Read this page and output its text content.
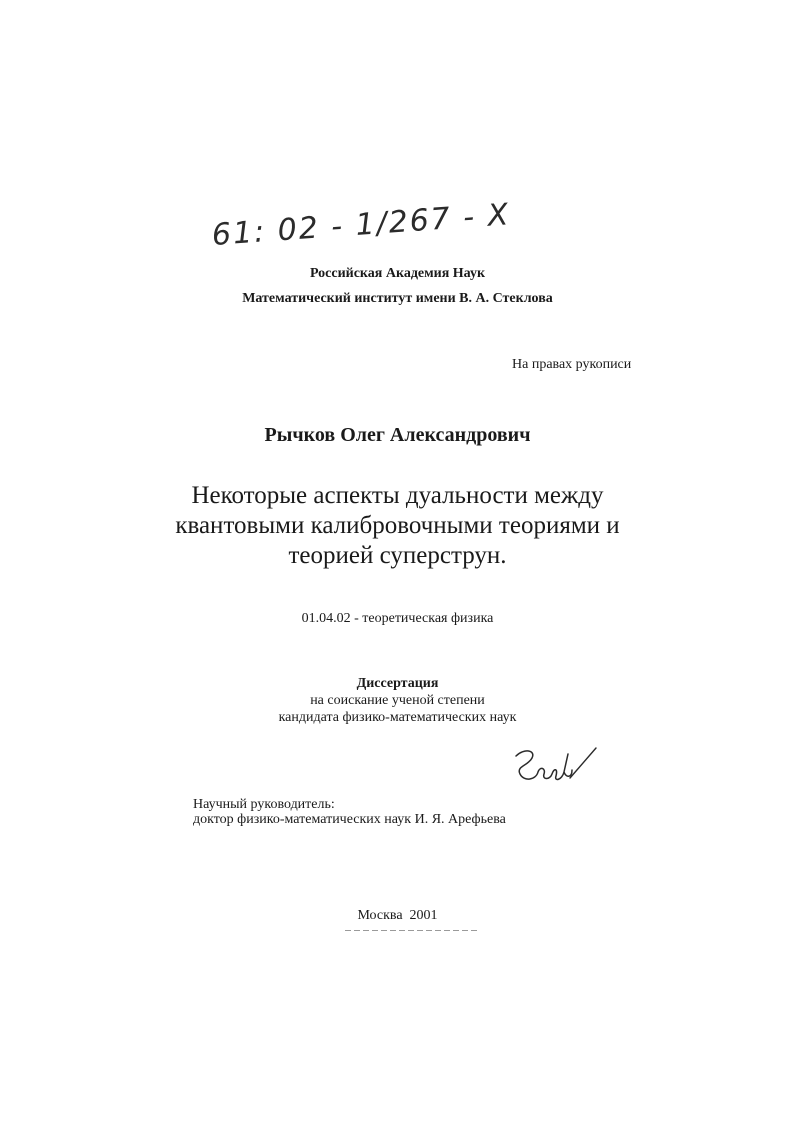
61: 02 - 1/267 - X
Российская Академия Наук
Математический институт имени В. А. Стеклова
На правах рукописи
Рычков Олег Александрович
Некоторые аспекты дуальности между
квантовыми калибровочными теориями и
теорией суперструн.
01.04.02 - теоретическая физика
Диссертация
на соискание ученой степени
кандидата физико-математических наук
Научный руководитель:
доктор физико-математических наук И. Я. Арефьева
Москва  2001
